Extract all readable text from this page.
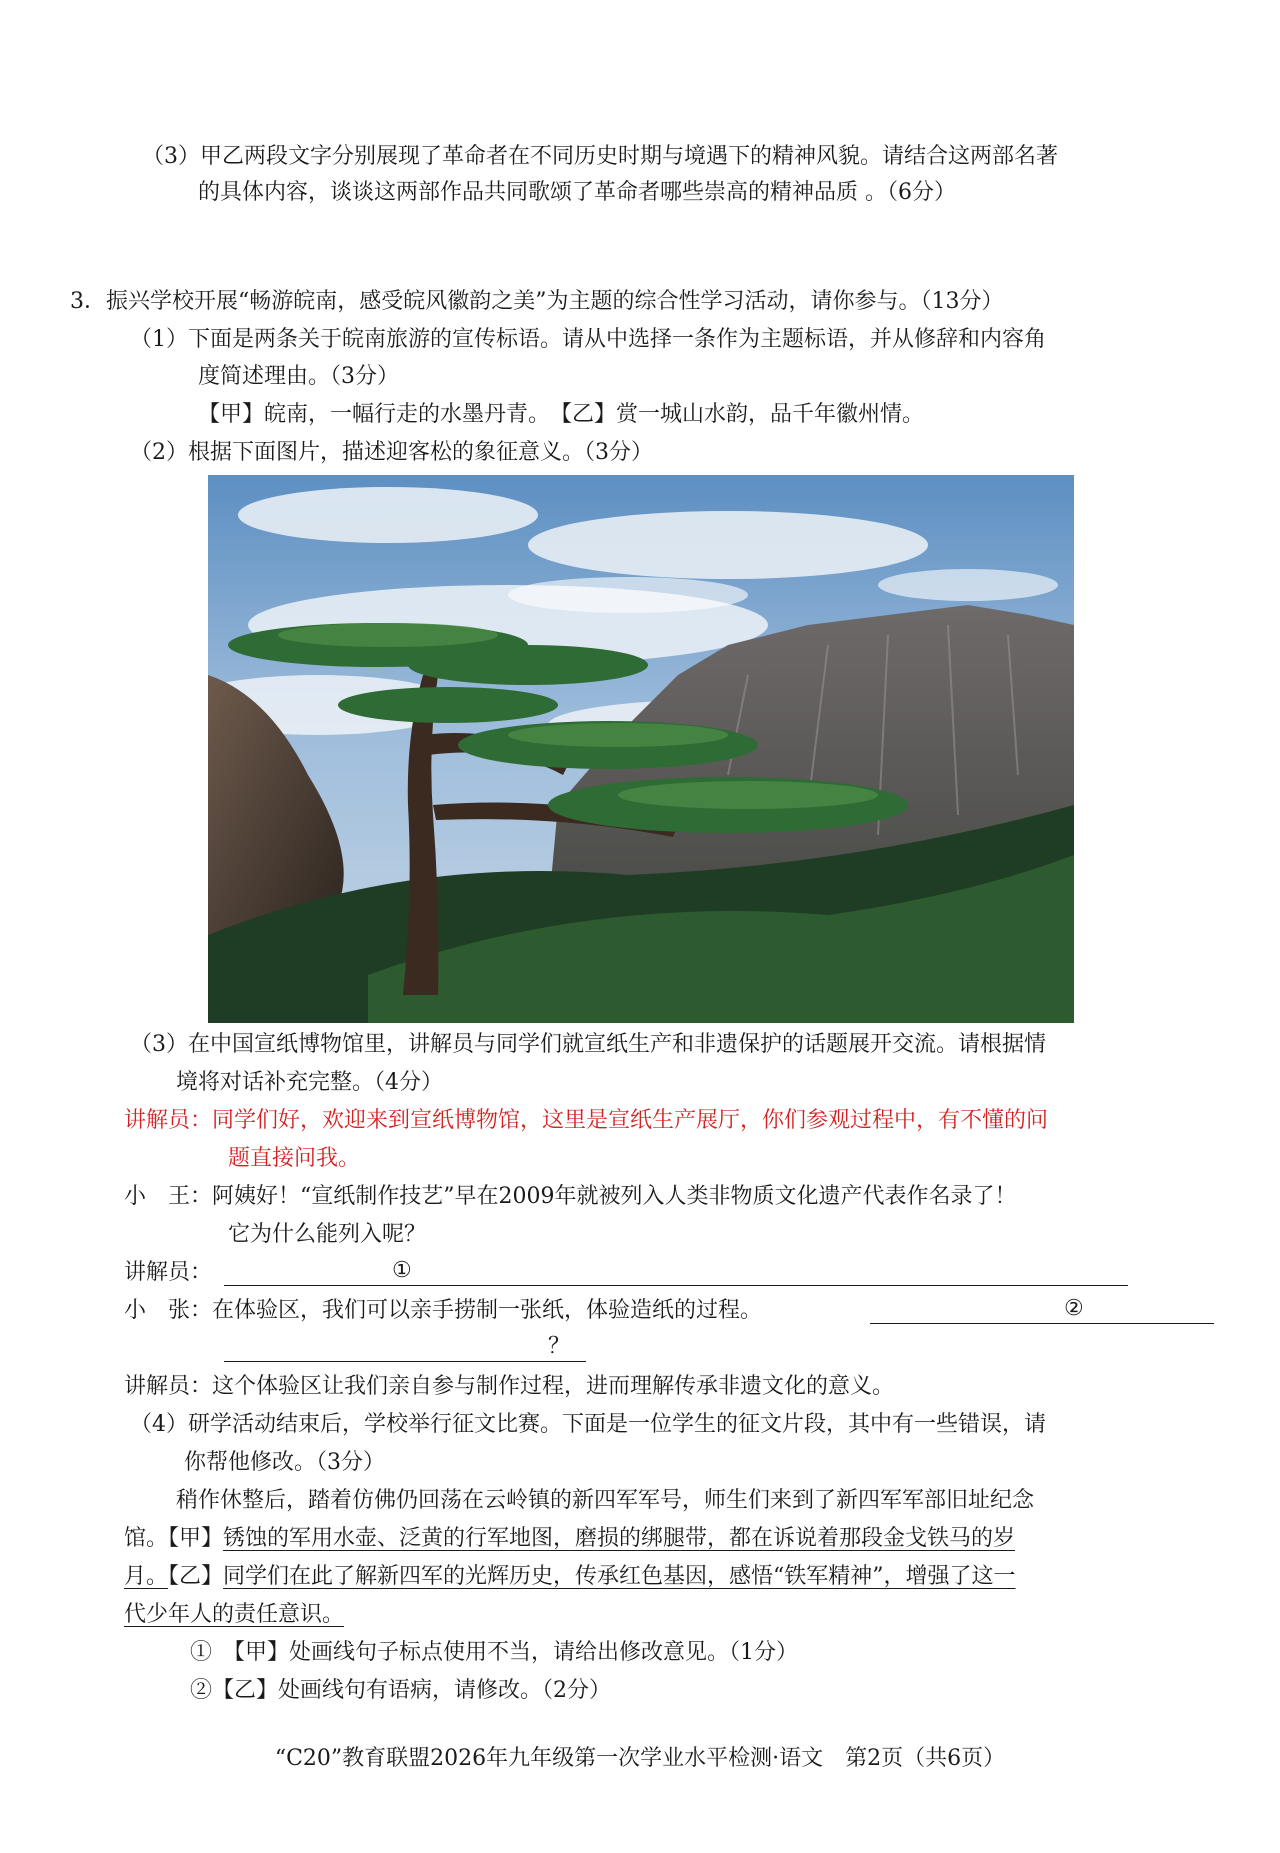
（3）甲乙两段文字分别展现了革命者在不同历史时期与境遇下的精神风貌。请结合这两部名著
的具体内容，谈谈这两部作品共同歌颂了革命者哪些崇高的精神品质 。（6分）
3．振兴学校开展“畅游皖南，感受皖风徽韵之美”为主题的综合性学习活动，请你参与。（13分）
（1）下面是两条关于皖南旅游的宣传标语。请从中选择一条作为主题标语，并从修辞和内容角
度简述理由。（3分）
【甲】皖南，一幅行走的水墨丹青。　【乙】赏一城山水韵，品千年徽州情。
（2）根据下面图片，描述迎客松的象征意义。（3分）
（3）在中国宣纸博物馆里，讲解员与同学们就宣纸生产和非遗保护的话题展开交流。请根据情
境将对话补充完整。（4分）
讲解员：同学们好，欢迎来到宣纸博物馆，这里是宣纸生产展厅，你们参观过程中，有不懂的问
题直接问我。
小　王：阿姨好！“宣纸制作技艺”早在2009年就被列入人类非物质文化遗产代表作名录了！
它为什么能列入呢？
讲解员：	①
小　张：在体验区，我们可以亲手捞制一张纸，体验造纸的过程。	②
？
讲解员：这个体验区让我们亲自参与制作过程，进而理解传承非遗文化的意义。
（4）研学活动结束后，学校举行征文比赛。下面是一位学生的征文片段，其中有一些错误，请
你帮他修改。（3分）
稍作休整后，踏着仿佛仍回荡在云岭镇的新四军军号，师生们来到了新四军军部旧址纪念
馆。【甲】锈蚀的军用水壶、泛黄的行军地图，磨损的绑腿带，都在诉说着那段金戈铁马的岁
月。【乙】同学们在此了解新四军的光辉历史，传承红色基因，感悟“铁军精神”，增强了这一
代少年人的责任意识。
①　【甲】处画线句子标点使用不当，请给出修改意见。（1分）
②【乙】处画线句有语病，请修改。（2分）
“C20”教育联盟2026年九年级第一次学业水平检测·语文　第2页（共6页）
